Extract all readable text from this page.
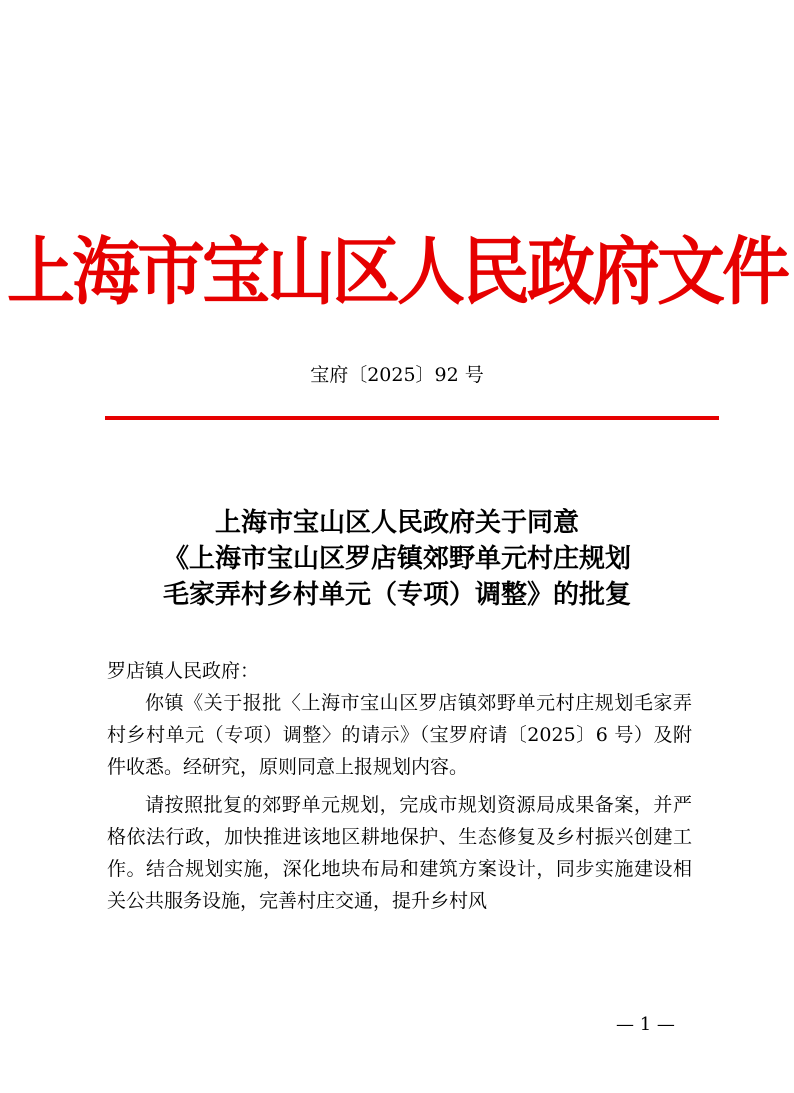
上海市宝山区人民政府文件
宝府〔2025〕92 号
上海市宝山区人民政府关于同意
《上海市宝山区罗店镇郊野单元村庄规划
毛家弄村乡村单元（专项）调整》的批复

罗店镇人民政府：

你镇《关于报批〈上海市宝山区罗店镇郊野单元村庄规划毛家弄村乡村单元（专项）调整〉的请示》（宝罗府请〔2025〕6 号）及附件收悉。经研究，原则同意上报规划内容。

请按照批复的郊野单元规划，完成市规划资源局成果备案，并严格依法行政，加快推进该地区耕地保护、生态修复及乡村振兴创建工作。结合规划实施，深化地块布局和建筑方案设计，同步实施建设相关公共服务设施，完善村庄交通，提升乡村风

— 1 —
